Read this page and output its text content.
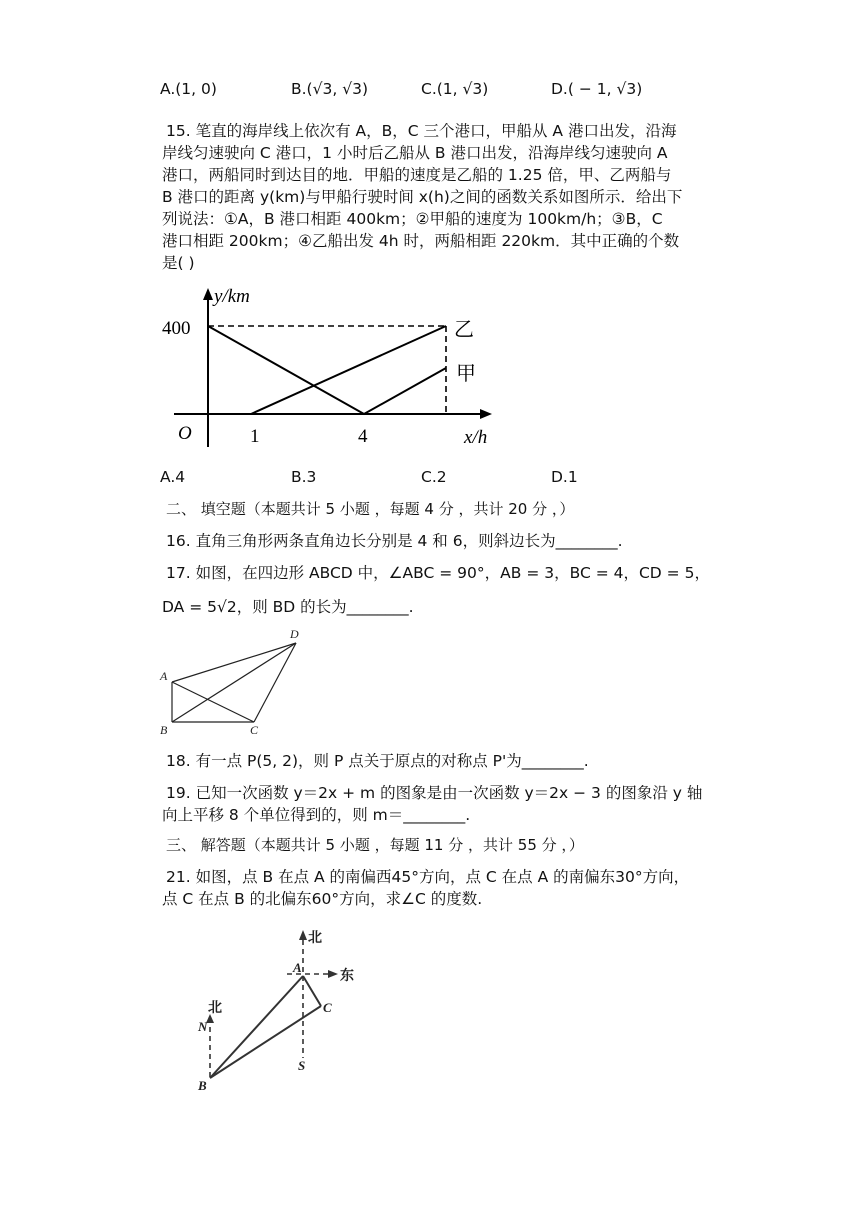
A.(1, 0)	B.(√3, √3)	C.(1, √3)	D.( − 1, √3)
15. 笔直的海岸线上依次有 A，B，C 三个港口，甲船从 A 港口出发，沿海
岸线匀速驶向 C 港口，1 小时后乙船从 B 港口出发，沿海岸线匀速驶向 A
港口，两船同时到达目的地．甲船的速度是乙船的 1.25 倍，甲、乙两船与
B 港口的距离 y(km)与甲船行驶时间 x(h)之间的函数关系如图所示．给出下
列说法：①A，B 港口相距 400km；②甲船的速度为 100km/h；③B，C
港口相距 200km；④乙船出发 4h 时，两船相距 220km．其中正确的个数
是( )
y/km
400
O	1	4	x/h
乙
甲
A.4	B.3	C.2	D.1
二、 填空题（本题共计 5 小题 ，每题 4 分 ，共计 20 分 ，）
16. 直角三角形两条直角边长分别是 4 和 6，则斜边长为________.
17. 如图，在四边形 ABCD 中，∠ABC = 90°，AB = 3，BC = 4，CD = 5，
DA = 5√2，则 BD 的长为________.
A
B	C
D
18. 有一点 P(5, 2)，则 P 点关于原点的对称点 P'为________.
19. 已知一次函数 y＝2x + m 的图象是由一次函数 y＝2x − 3 的图象沿 y 轴
向上平移 8 个单位得到的，则 m＝________.
三、 解答题（本题共计 5 小题 ，每题 11 分 ，共计 55 分 ，）
21. 如图，点 B 在点 A 的南偏西45°方向，点 C 在点 A 的南偏东30°方向，
点 C 在点 B 的北偏东60°方向，求∠C 的度数.
北
东
A
C
北
N
S
B
